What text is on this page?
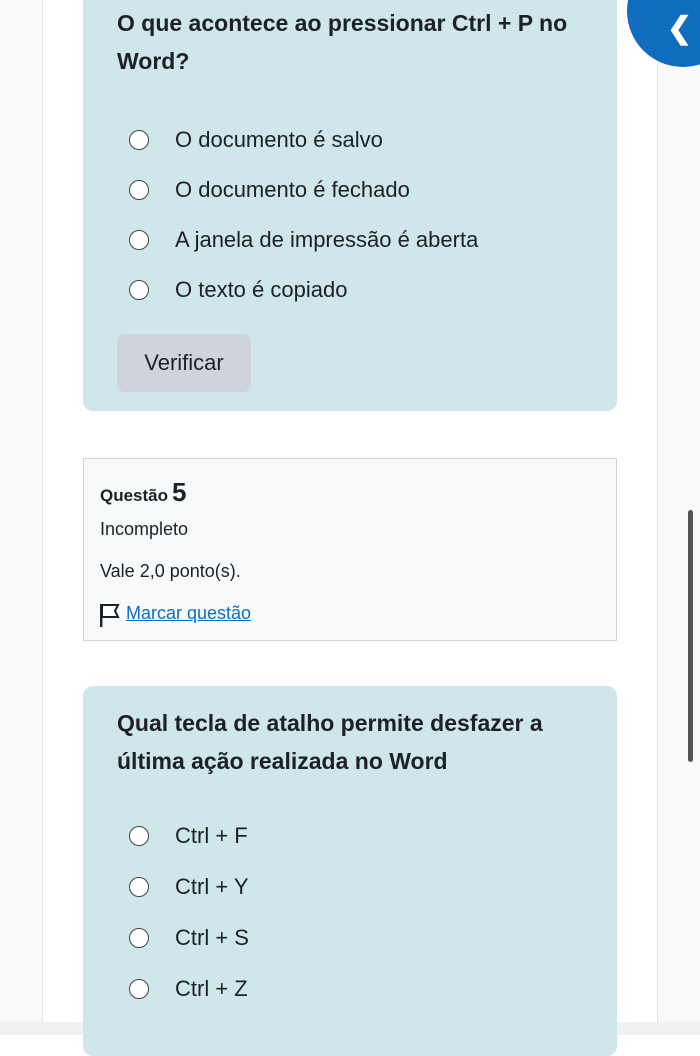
O que acontece ao pressionar Ctrl + P no Word?
O documento é salvo
O documento é fechado
A janela de impressão é aberta
O texto é copiado
Verificar
❮
Questão 5
Incompleto
Vale 2,0 ponto(s).
Marcar questão
Qual tecla de atalho permite desfazer a última ação realizada no Word
Ctrl + F
Ctrl + Y
Ctrl + S
Ctrl + Z
